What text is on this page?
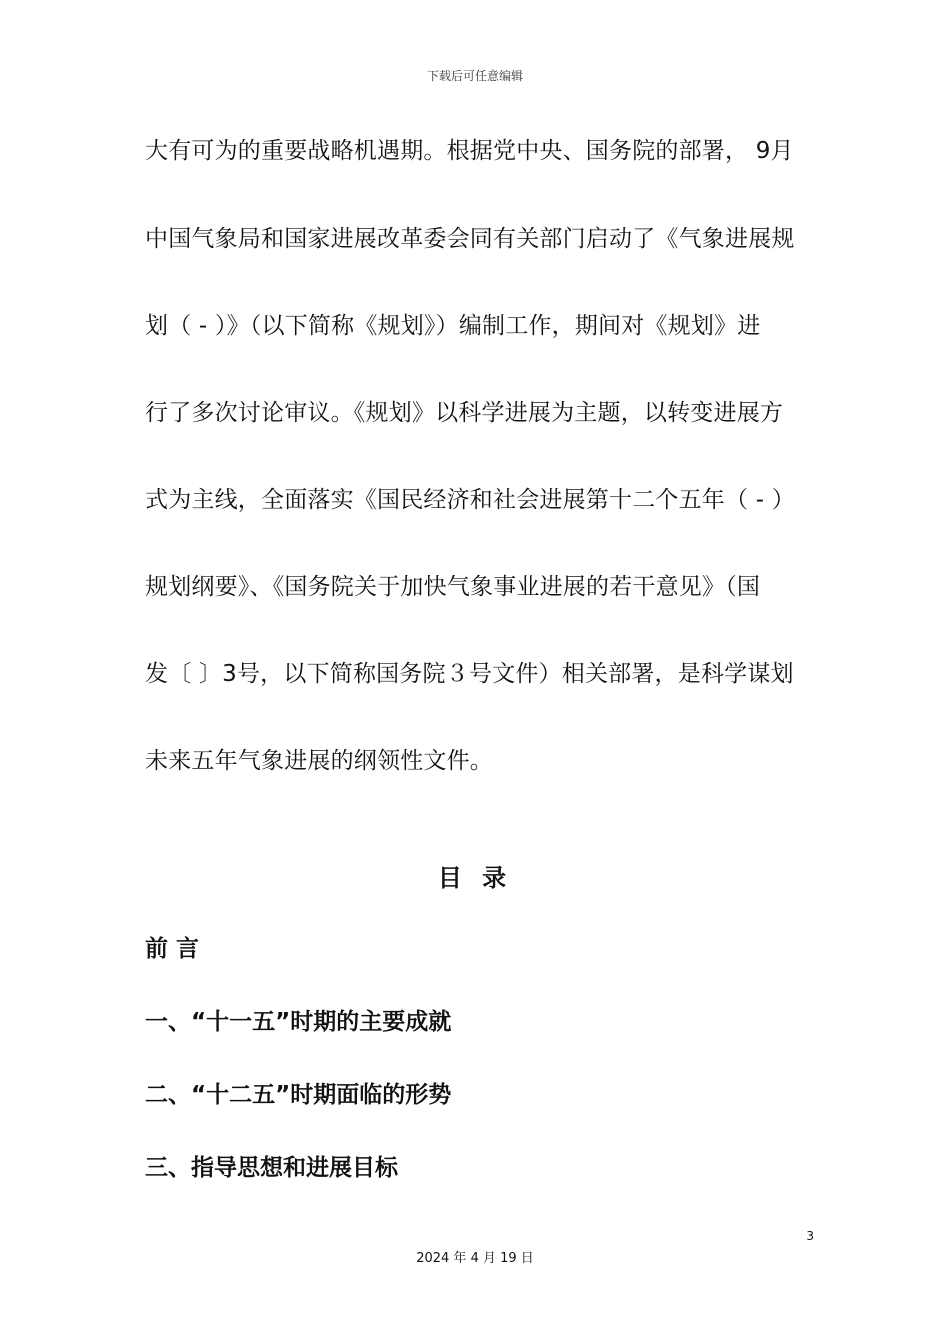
下载后可任意编辑
大有可为的重要战略机遇期。根据党中央、国务院的部署， 9月
中国气象局和国家进展改革委会同有关部门启动了《气象进展规
划（ - ）》（以下简称《规划》）编制工作，期间对《规划》进
行了多次讨论审议。《规划》以科学进展为主题，以转变进展方
式为主线，全面落实《国民经济和社会进展第十二个五年（ - ）
规划纲要》、《国务院关于加快气象事业进展的若干意见》（国
发〔 〕3号，以下简称国务院３号文件）相关部署，是科学谋划
未来五年气象进展的纲领性文件。
目 录
前 言
一、“十一五”时期的主要成就
二、“十二五”时期面临的形势
三、指导思想和进展目标
3
2024 年 4 月 19 日
